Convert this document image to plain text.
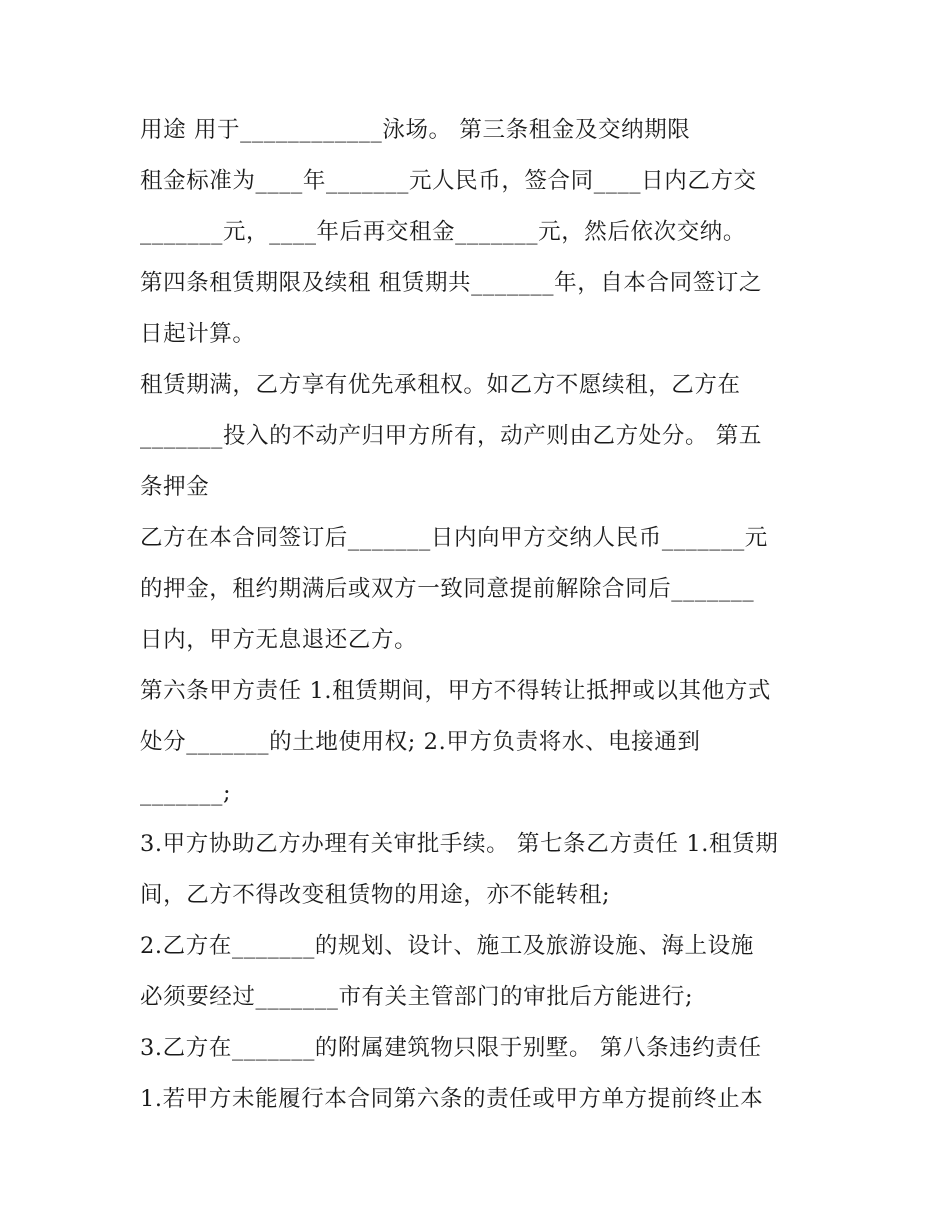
用途 用于____________泳场。 第三条租金及交纳期限
租金标准为____年_______元人民币，签合同____日内乙方交
_______元，____年后再交租金_______元，然后依次交纳。
第四条租赁期限及续租 租赁期共_______年，自本合同签订之
日起计算。
租赁期满，乙方享有优先承租权。如乙方不愿续租，乙方在
_______投入的不动产归甲方所有，动产则由乙方处分。 第五
条押金
乙方在本合同签订后_______日内向甲方交纳人民币_______元
的押金，租约期满后或双方一致同意提前解除合同后_______
日内，甲方无息退还乙方。
第六条甲方责任 1.租赁期间，甲方不得转让抵押或以其他方式
处分_______的土地使用权; 2.甲方负责将水、电接通到
_______;
3.甲方协助乙方办理有关审批手续。 第七条乙方责任 1.租赁期
间，乙方不得改变租赁物的用途，亦不能转租;
2.乙方在_______的规划、设计、施工及旅游设施、海上设施
必须要经过_______市有关主管部门的审批后方能进行;
3.乙方在_______的附属建筑物只限于别墅。 第八条违约责任
1.若甲方未能履行本合同第六条的责任或甲方单方提前终止本
